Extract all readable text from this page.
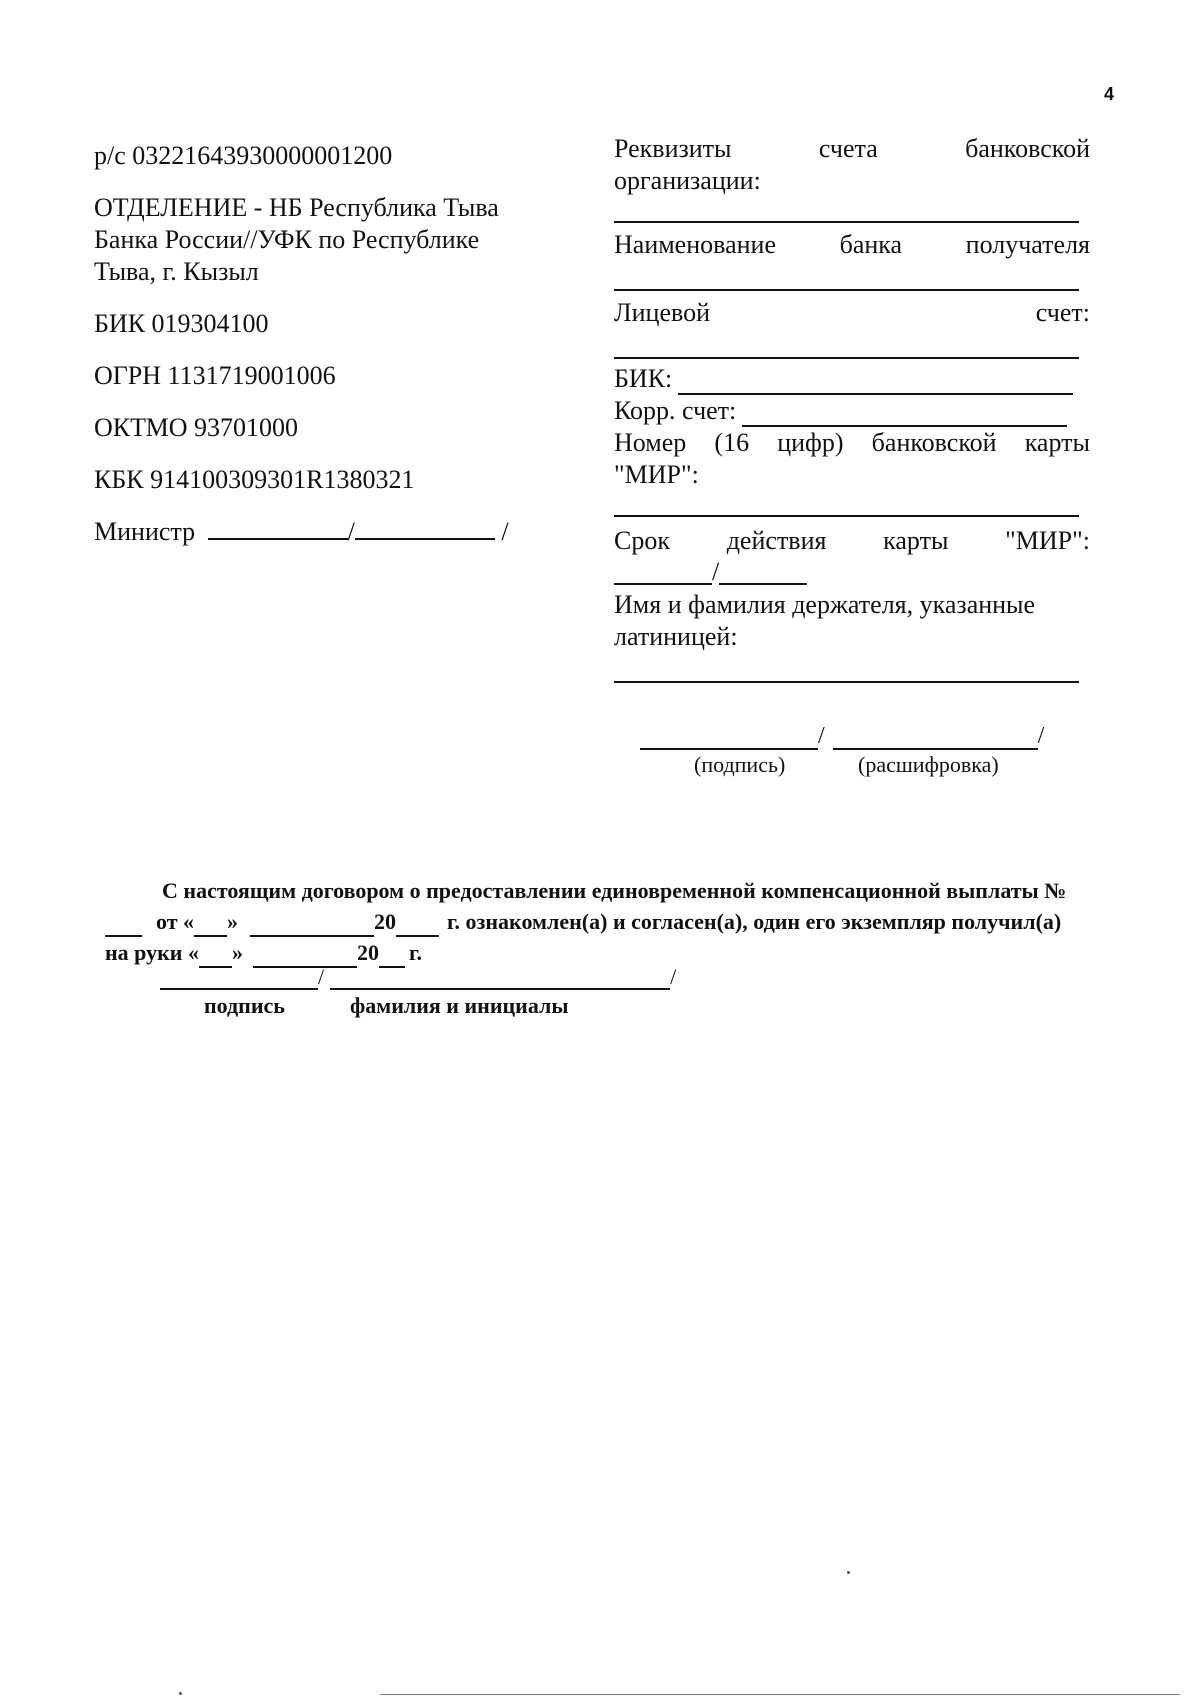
4

р/с 03221643930000001200

ОТДЕЛЕНИЕ - НБ Республика Тыва Банка России//УФК по Республике Тыва, г. Кызыл

БИК 019304100

ОГРН 1131719001006

ОКТМО 93701000

КБК 914100309301R1380321

Министр	/	/

Реквизиты	счета	банковской
организации:
Наименование банка получателя
Лицевой	счет:
БИК:
Корр. счет:
Номер (16 цифр) банковской карты
"МИР":
Срок действия карты "МИР":
/
Имя и фамилия держателя, указанные
латиницей:
/	/
(подпись)	(расшифровка)
С настоящим договором о предоставлении единовременной компенсационной выплаты №
от « »	20 г. ознакомлен(а) и согласен(а), один его экземпляр получил(а)
на руки « »	20 г.
/	/
подпись	фамилия и инициалы
